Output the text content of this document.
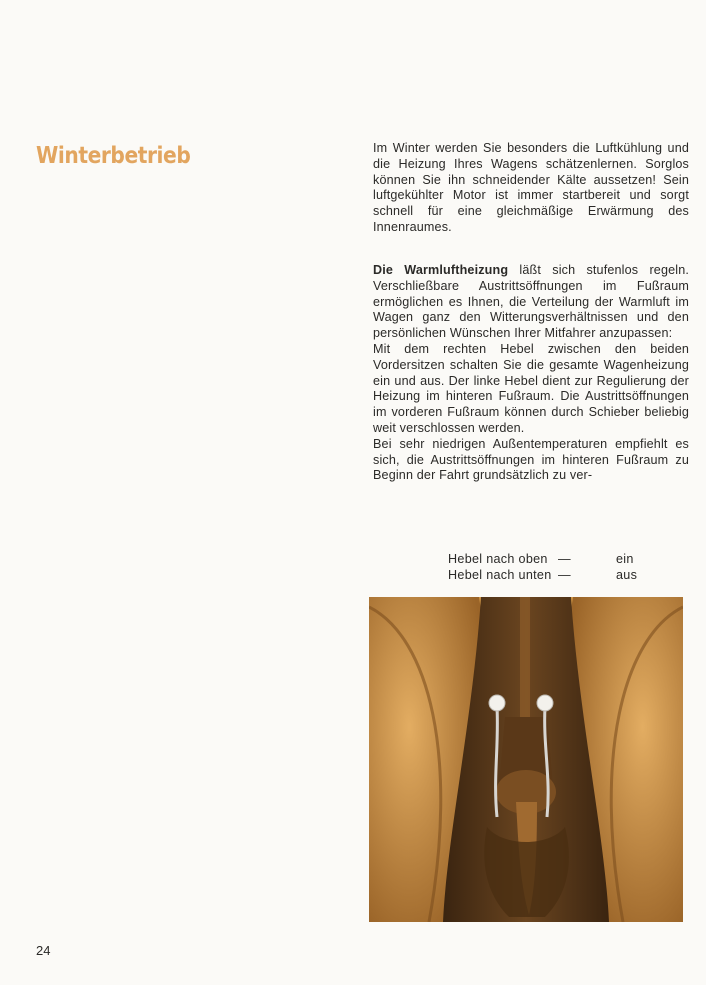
Winterbetrieb	Im Winter werden Sie besonders die Luftkühlung und die Heizung Ihres Wagens schätzenlernen. Sorglos können Sie ihn schneidender Kälte aussetzen! Sein luftgekühlter Motor ist immer startbereit und sorgt schnell für eine gleichmäßige Erwärmung des Innenraumes.

Die Warmluftheizung läßt sich stufenlos regeln. Verschließbare Austrittsöffnungen im Fußraum ermöglichen es Ihnen, die Verteilung der Warmluft im Wagen ganz den Witterungsverhältnissen und den persönlichen Wünschen Ihrer Mitfahrer anzupassen:

Mit dem rechten Hebel zwischen den beiden Vordersitzen schalten Sie die gesamte Wagenheizung ein und aus. Der linke Hebel dient zur Regulierung der Heizung im hinteren Fußraum. Die Austrittsöffnungen im vorderen Fußraum können durch Schieber beliebig weit verschlossen werden.

Bei sehr niedrigen Außentemperaturen empfiehlt es sich, die Austrittsöffnungen im hinteren Fußraum zu Beginn der Fahrt grundsätzlich zu ver-

Hebel nach oben —	ein
Hebel nach unten —	aus
24
